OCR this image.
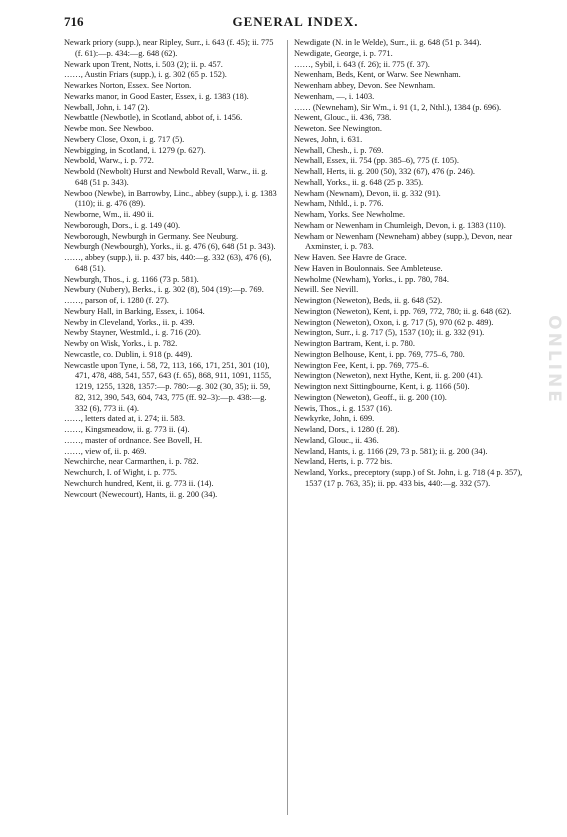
716	GENERAL INDEX.

Newark priory (supp.), near Ripley, Surr., i. 643 (f. 45); ii. 775 (f. 61):—p. 434:—g. 648 (62).

Newark upon Trent, Notts, i. 503 (2); ii. p. 457.

……, Austin Friars (supp.), i. g. 302 (65 p. 152).

Newarkes Norton, Essex. See Norton.

Newarks manor, in Good Easter, Essex, i. g. 1383 (18).

Newball, John, i. 147 (2).

Newbattle (Newbotle), in Scotland, abbot of, i. 1456.

Newbe mon. See Newboo.

Newbery Close, Oxon, i. g. 717 (5).

Newbigging, in Scotland, i. 1279 (p. 627).

Newbold, Warw., i. p. 772.

Newbold (Newbolt) Hurst and Newbold Revall, Warw., ii. g. 648 (51 p. 343).

Newboo (Newbe), in Barrowby, Linc., abbey (supp.), i. g. 1383 (110); ii. g. 476 (89).

Newborne, Wm., ii. 490 ii.

Newborough, Dors., i. g. 149 (40).

Newborough, Newburgh in Germany. See Neuburg.

Newburgh (Newbourgh), Yorks., ii. g. 476 (6), 648 (51 p. 343).

……, abbey (supp.), ii. p. 437 bis, 440:—g. 332 (63), 476 (6), 648 (51).

Newburgh, Thos., i. g. 1166 (73 p. 581).

Newbury (Nubery), Berks., i. g. 302 (8), 504 (19):—p. 769.

……, parson of, i. 1280 (f. 27).

Newbury Hall, in Barking, Essex, i. 1064.

Newby in Cleveland, Yorks., ii. p. 439.

Newby Stayner, Westmld., i. g. 716 (20).

Newby on Wisk, Yorks., i. p. 782.

Newcastle, co. Dublin, i. 918 (p. 449).

Newcastle upon Tyne, i. 58, 72, 113, 166, 171, 251, 301 (10), 471, 478, 488, 541, 557, 643 (f. 65), 868, 911, 1091, 1155, 1219, 1255, 1328, 1357:—p. 780:—g. 302 (30, 35); ii. 59, 82, 312, 390, 543, 604, 743, 775 (ff. 92–3):—p. 438:—g. 332 (6), 773 ii. (4).

……, letters dated at, i. 274; ii. 583.

……, Kingsmeadow, ii. g. 773 ii. (4).

……, master of ordnance. See Bovell, H.

……, view of, ii. p. 469.

Newchirche, near Carmarthen, i. p. 782.

Newchurch, I. of Wight, i. p. 775.

Newchurch hundred, Kent, ii. g. 773 ii. (14).

Newcourt (Newecourt), Hants, ii. g. 200 (34).

Newdigate (N. in le Welde), Surr., ii. g. 648 (51 p. 344).

Newdigate, George, i. p. 771.

……, Sybil, i. 643 (f. 26); ii. 775 (f. 37).

Newenham, Beds, Kent, or Warw. See Newnham.

Newenham abbey, Devon. See Newnham.

Newenham, —, i. 1403.

…… (Newneham), Sir Wm., i. 91 (1, 2, Nthl.), 1384 (p. 696).

Newent, Glouc., ii. 436, 738.

Neweton. See Newington.

Newes, John, i. 631.

Newhall, Chesh., i. p. 769.

Newhall, Essex, ii. 754 (pp. 385–6), 775 (f. 105).

Newhall, Herts, ii. g. 200 (50), 332 (67), 476 (p. 246).

Newhall, Yorks., ii. g. 648 (25 p. 335).

Newham (Newnam), Devon, ii. g. 332 (91).

Newham, Nthld., i. p. 776.

Newham, Yorks. See Newholme.

Newham or Newenham in Chumleigh, Devon, i. g. 1383 (110).

Newham or Newenham (Newneham) abbey (supp.), Devon, near Axminster, i. p. 783.

New Haven. See Havre de Grace.

New Haven in Boulonnais. See Ambleteuse.

Newholme (Newham), Yorks., i. pp. 780, 784.

Newill. See Nevill.

Newington (Neweton), Beds, ii. g. 648 (52).

Newington (Neweton), Kent, i. pp. 769, 772, 780; ii. g. 648 (62).

Newington (Neweton), Oxon, i. g. 717 (5), 970 (62 p. 489).

Newington, Surr., i. g. 717 (5), 1537 (10); ii. g. 332 (91).

Newington Bartram, Kent, i. p. 780.

Newington Belhouse, Kent, i. pp. 769, 775–6, 780.

Newington Fee, Kent, i. pp. 769, 775–6.

Newington (Neweton), next Hythe, Kent, ii. g. 200 (41).

Newington next Sittingbourne, Kent, i. g. 1166 (50).

Newington (Neweton), Geoff., ii. g. 200 (10).

Newis, Thos., i. g. 1537 (16).

Newkyrke, John, i. 699.

Newland, Dors., i. 1280 (f. 28).

Newland, Glouc., ii. 436.

Newland, Hants, i. g. 1166 (29, 73 p. 581); ii. g. 200 (34).

Newland, Herts, i. p. 772 bis.

Newland, Yorks., preceptory (supp.) of St. John, i. g. 718 (4 p. 357), 1537 (17 p. 763, 35); ii. pp. 433 bis, 440:—g. 332 (57).

ONLINE
